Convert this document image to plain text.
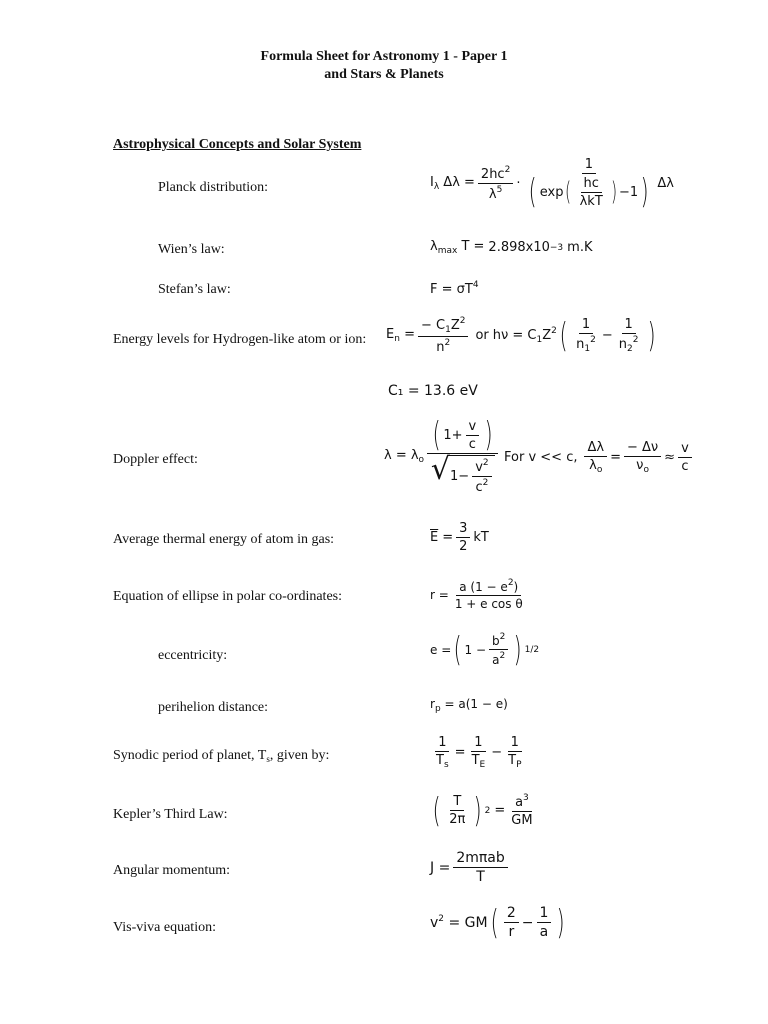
Formula Sheet for Astronomy 1 - Paper 1
and Stars & Planets
Astrophysical Concepts and Solar System
Planck distribution:	$I_\lambda$ $\Delta\lambda = \frac{2hc^2}{\lambda^5} \cdot \frac{1}{( \exp ( \frac{hc}{\text{λkT}} ) -1 )}$ Δλ
Wien’s law:	$\lambda_{max}$ T = 2.898x10 −3 m.K
Stefan’s law:	$F = \sigma T^4$
Energy levels for Hydrogen-like atom or ion: $E_n = \frac{- C_1Z^2}{n^2}$ or $h\nu = C_1Z^2$ ( $\frac{1}{n_1^2} - \frac{1}{n_2^2}$ )
C₁ = 13.6 eV
Doppler effect:	$\lambda = \lambda_o \frac{( 1+ \frac{v}{c} )}{√ 1- \frac{v^2}{c^2}}$ For v << c, $\frac{\Delta\lambda}{\lambda_o} = \frac{- \Delta\nu}{\nu_o} \approx \frac{v}{c}$
Average thermal energy of atom in gas:	$\overline{E} = \frac{3}{2}$ kT
Equation of ellipse in polar co-ordinates:	$r = \frac{a (1 - e^2)}{\text{1 + e cos θ}}$
eccentricity:	e = ( $1 - \frac{b^2}{a^2}$ ) 1/2
perihelion distance:	$r_p = a(1 - e)$
Synodic period of planet, $T_s$, given by:	$\frac{1}{T_s} = \frac{1}{T_E} - \frac{1}{T_P}$
Kepler’s Third Law:	( $\frac{T}{2\pi}$ ) $2 = \frac{a^3}{GM}$
Angular momentum:	$J = \frac{\text{2mπab}}{T}$
Vis-viva equation:	$v^2$ = GM ( $\frac{2}{r} - \frac{1}{a}$ )
